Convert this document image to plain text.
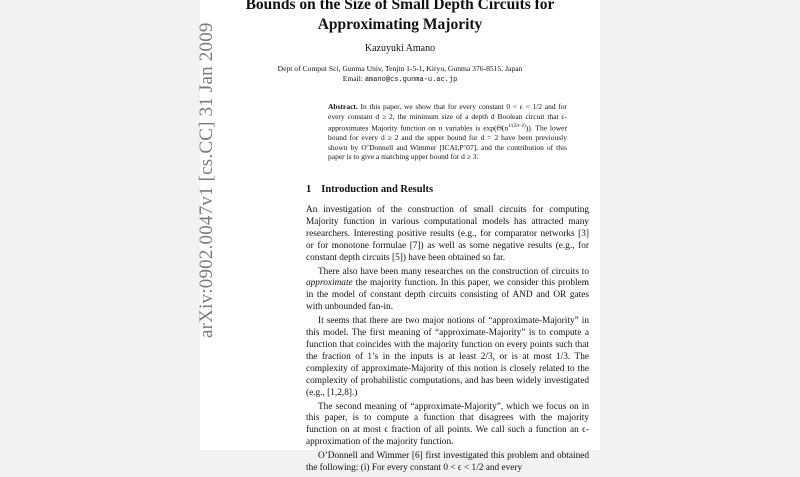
Bounds on the Size of Small Depth Circuits for
Approximating Majority
Kazuyuki Amano
Dept of Comput Sci, Gunma Univ, Tenjin 1-5-1, Kiryu, Gunma 376-8515, Japan
Email: amano@cs.gunma-u.ac.jp
Abstract. In this paper, we show that for every constant 0 < ϵ < 1/2 and for every constant d ≥ 2, the minimum size of a depth d Boolean circuit that ϵ-approximates Majority function on n variables is $\exp(\Theta(n^{1/(2d-2)}))$. The lower bound for every d ≥ 2 and the upper bound for d = 2 have been previously shown by O’Donnell and Wimmer [ICALP’07], and the contribution of this paper is to give a matching upper bound for d ≥ 3.
1 Introduction and Results

An investigation of the construction of small circuits for computing Majority function in various computational models has attracted many researchers. Interesting positive results (e.g., for comparator networks [3] or for monotone formulae [7]) as well as some negative results (e.g., for constant depth circuits [5]) have been obtained so far.

There also have been many researches on the construction of circuits to approximate the majority function. In this paper, we consider this problem in the model of constant depth circuits consisting of AND and OR gates with unbounded fan-in.

It seems that there are two major notions of “approximate-Majority” in this model. The first meaning of “approximate-Majority” is to compute a function that coincides with the majority function on every points such that the fraction of 1’s in the inputs is at least 2/3, or is at most 1/3. The complexity of approximate-Majority of this notion is closely related to the complexity of probabilistic computations, and has been widely investigated (e.g., [1,2,8].)

The second meaning of “approximate-Majority”, which we focus on in this paper, is to compute a function that disagrees with the majority function on at most ϵ fraction of all points. We call such a function an ϵ-approximation of the majority function.

O’Donnell and Wimmer [6] first investigated this problem and obtained the following: (i) For every constant 0 < ϵ < 1/2 and every

arXiv:0902.0047v1 [cs.CC] 31 Jan 2009
